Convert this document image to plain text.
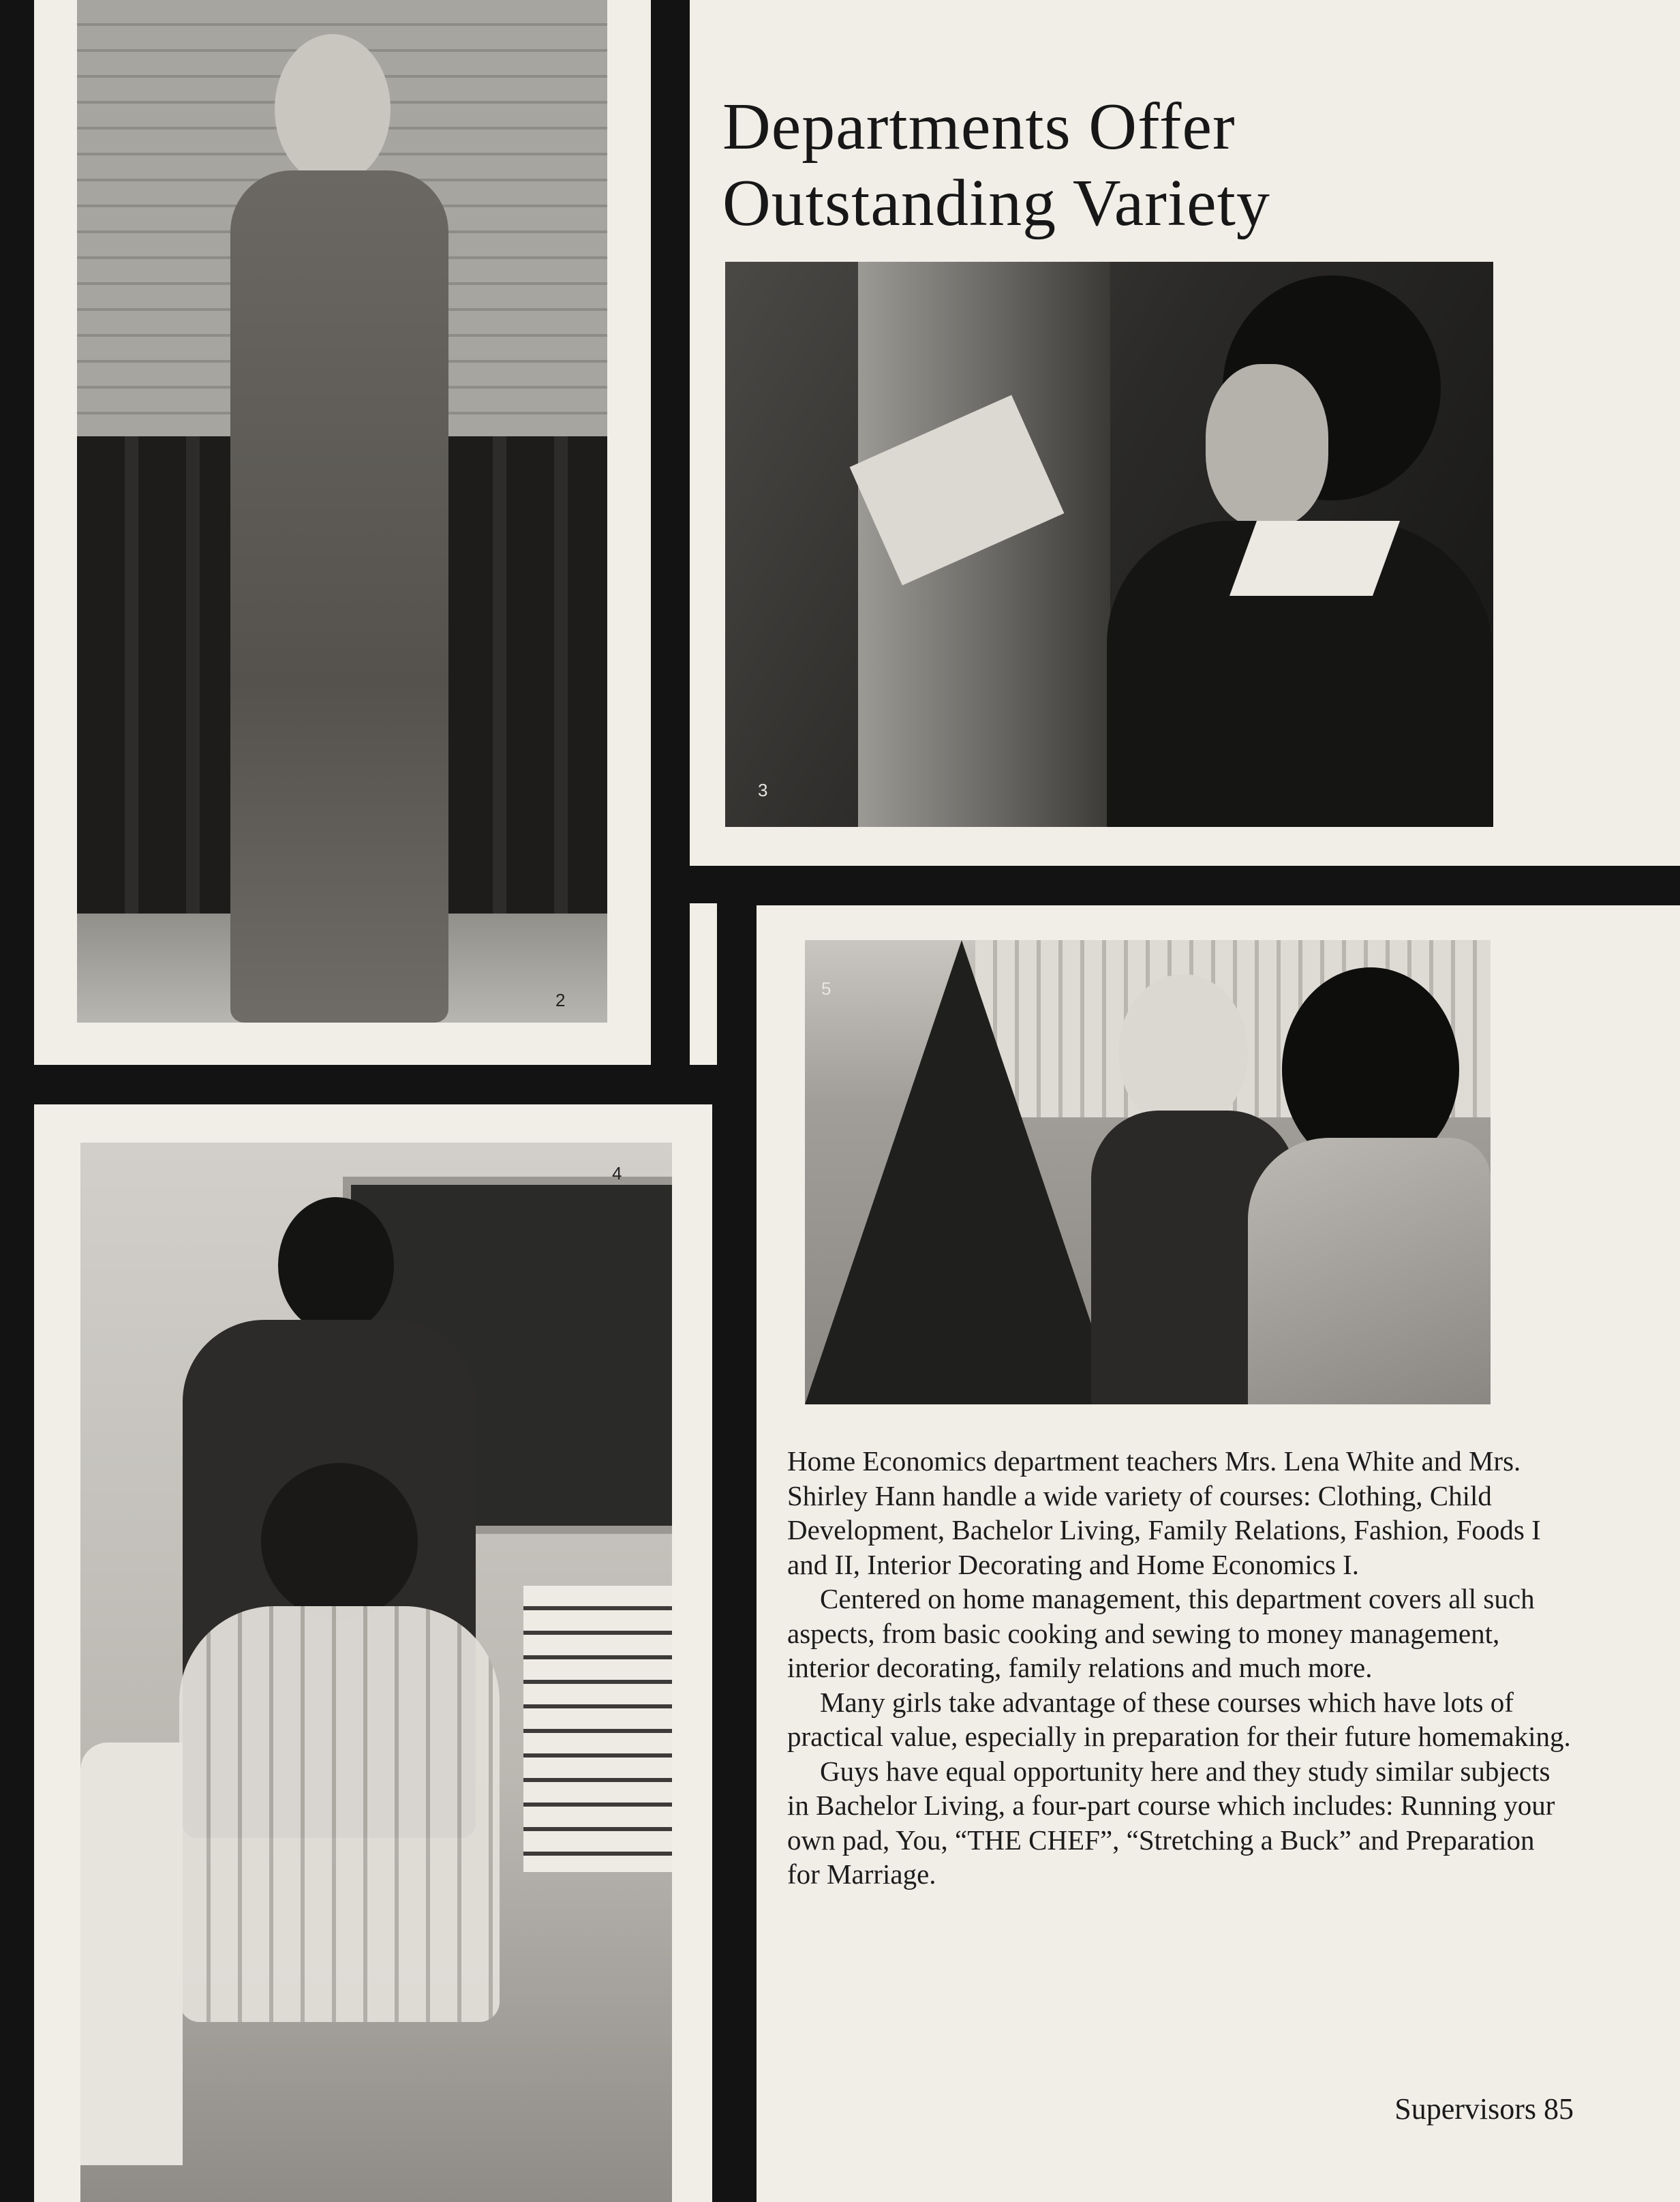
Departments Offer
Outstanding Variety
2
3
4
5

Home Economics department teachers Mrs. Lena White and Mrs. Shirley Hann handle a wide variety of courses: Clothing, Child Development, Bachelor Living, Family Relations, Fashion, Foods I and II, Interior Decorating and Home Economics I.

Centered on home management, this department covers all such aspects, from basic cooking and sewing to money management, interior decorating, family relations and much more.

Many girls take advantage of these courses which have lots of practical value, especially in preparation for their future homemaking.

Guys have equal opportunity here and they study similar subjects in Bachelor Living, a four-part course which includes: Running your own pad, You, “THE CHEF”, “Stretching a Buck” and Preparation for Marriage.

Supervisors 85
